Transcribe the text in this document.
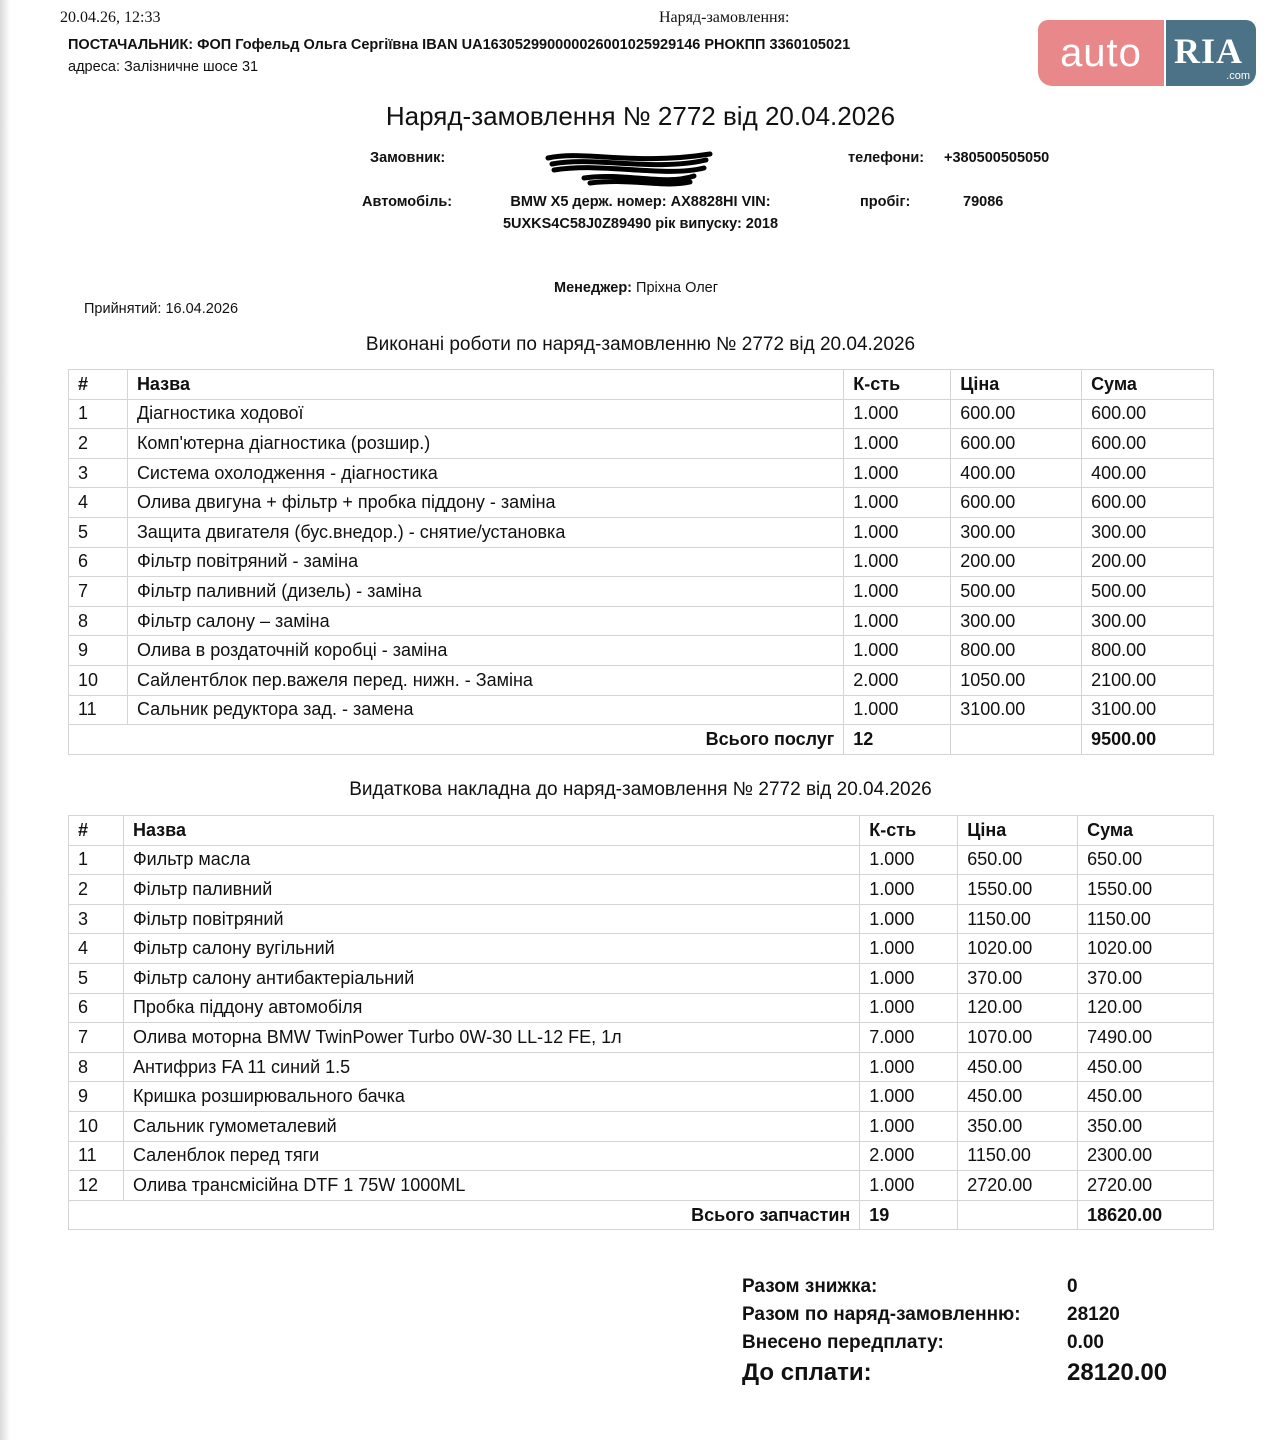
20.04.26, 12:33	Наряд-замовлення:
ПОСТАЧАЛЬНИК: ФОП Гофельд Ольга Сергіївна IBAN UA163052990000026001025929146 РНОКПП 3360105021
адреса: Залізничне шосе 31	auto RIA
.com
Наряд-замовлення № 2772 від 20.04.2026
Замовник:	телефони: +380500505050
Автомобіль:	BMW X5 держ. номер: AX8828HI VIN:
5UXKS4C58J0Z89490 рік випуску: 2018
пробіг:	79086
Менеджер: Пріхна Олег
Прийнятий: 16.04.2026
Виконані роботи по наряд-замовленню № 2772 від 20.04.2026
#	Назва	К-сть	Ціна	Сума
1	Діагностика ходової	1.000	600.00	600.00
2	Комп'ютерна діагностика (розшир.)	1.000	600.00	600.00
3	Система охолодження - діагностика	1.000	400.00	400.00
4	Олива двигуна + фільтр + пробка піддону - заміна	1.000	600.00	600.00
5	Защита двигателя (бус.внедор.) - снятие/установка	1.000	300.00	300.00
6	Фільтр повітряний - заміна	1.000	200.00	200.00
7	Фільтр паливний (дизель) - заміна	1.000	500.00	500.00
8	Фільтр салону – заміна	1.000	300.00	300.00
9	Олива в роздаточній коробці - заміна	1.000	800.00	800.00
10	Сайлентблок пер.важеля перед. нижн. - Заміна	2.000	1050.00	2100.00
11	Сальник редуктора зад. - замена	1.000	3100.00	3100.00
Всього послуг		12		9500.00
Видаткова накладна до наряд-замовлення № 2772 від 20.04.2026
#	Назва	К-сть	Ціна	Сума
1	Фильтр масла	1.000	650.00	650.00
2	Фільтр паливний	1.000	1550.00	1550.00
3	Фільтр повітряний	1.000	1150.00	1150.00
4	Фільтр салону вугільний	1.000	1020.00	1020.00
5	Фільтр салону антибактеріальний	1.000	370.00	370.00
6	Пробка піддону автомобіля	1.000	120.00	120.00
7	Олива моторна BMW TwinPower Turbo 0W-30 LL-12 FE, 1л	7.000	1070.00	7490.00
8	Антифриз FA 11 синий 1.5	1.000	450.00	450.00
9	Кришка розширювального бачка	1.000	450.00	450.00
10	Сальник гумометалевий	1.000	350.00	350.00
11	Саленблок перед тяги	2.000	1150.00	2300.00
12	Олива трансмісійна DTF 1 75W 1000ML	1.000	2720.00	2720.00
Всього запчастин		19		18620.00
Разом знижка:	0
Разом по наряд-замовленню: 28120
Внесено передплату:	0.00
До сплати:	28120.00
